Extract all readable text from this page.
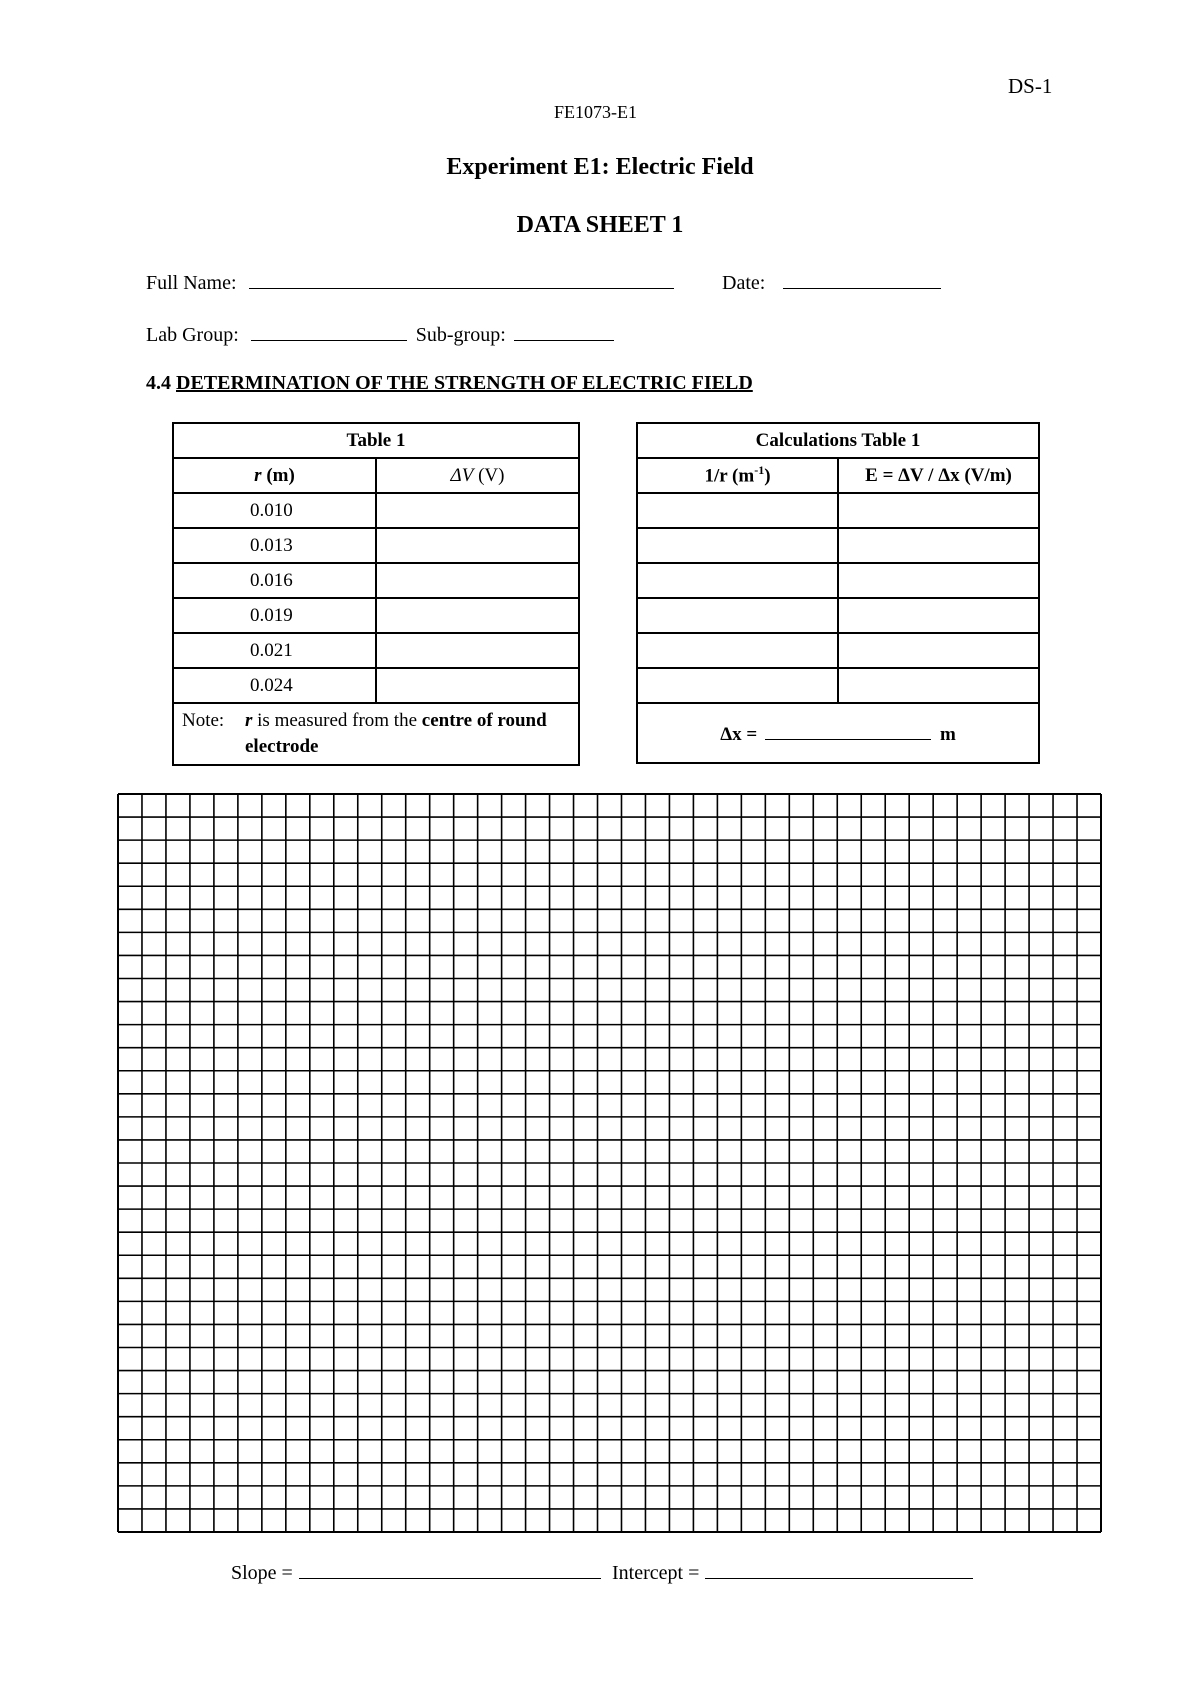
DS-1
FE1073-E1
Experiment E1: Electric Field
DATA SHEET 1
Full Name:	Date:
Lab Group:	Sub-group:
4.4 DETERMINATION OF THE STRENGTH OF ELECTRIC FIELD
Table 1	
r (m)	ΔV (V)
0.010	
0.013	
0.016	
0.019	
0.021	
0.024	

Note: r is measured from the centre of round electrode	
Calculations Table 1	
1/r $(m^{-1})$	E = ΔV / Δx (V/m)

Δx = m	
Slope =	Intercept =
